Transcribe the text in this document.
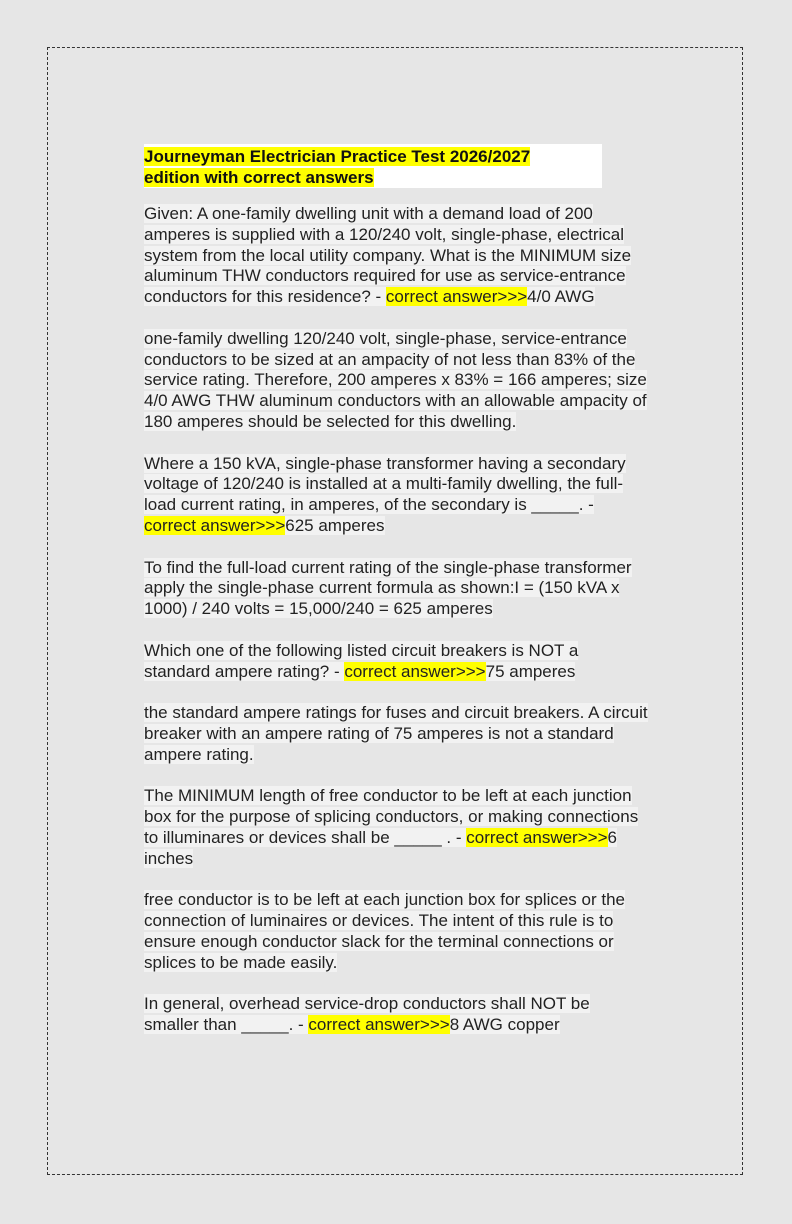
Journeyman Electrician Practice Test 2026/2027
edition with correct answers

Given: A one-family dwelling unit with a demand load of 200 amperes is supplied with a 120/240 volt, single-phase, electrical system from the local utility company. What is the MINIMUM size aluminum THW conductors required for use as service-entrance conductors for this residence? - correct answer>>>4/0 AWG

one-family dwelling 120/240 volt, single-phase, service-entrance conductors to be sized at an ampacity of not less than 83% of the service rating. Therefore, 200 amperes x 83% = 166 amperes; size 4/0 AWG THW aluminum conductors with an allowable ampacity of 180 amperes should be selected for this dwelling.

Where a 150 kVA, single-phase transformer having a secondary voltage of 120/240 is installed at a multi-family dwelling, the full-load current rating, in amperes, of the secondary is _____. - correct answer>>>625 amperes

To find the full-load current rating of the single-phase transformer apply the single-phase current formula as shown:I = (150 kVA x 1000) / 240 volts = 15,000/240 = 625 amperes

Which one of the following listed circuit breakers is NOT a standard ampere rating? - correct answer>>>75 amperes

the standard ampere ratings for fuses and circuit breakers. A circuit breaker with an ampere rating of 75 amperes is not a standard ampere rating.

The MINIMUM length of free conductor to be left at each junction box for the purpose of splicing conductors, or making connections to illuminares or devices shall be _____ . - correct answer>>>6 inches

free conductor is to be left at each junction box for splices or the connection of luminaires or devices. The intent of this rule is to ensure enough conductor slack for the terminal connections or splices to be made easily.

In general, overhead service-drop conductors shall NOT be smaller than _____. - correct answer>>>8 AWG copper
